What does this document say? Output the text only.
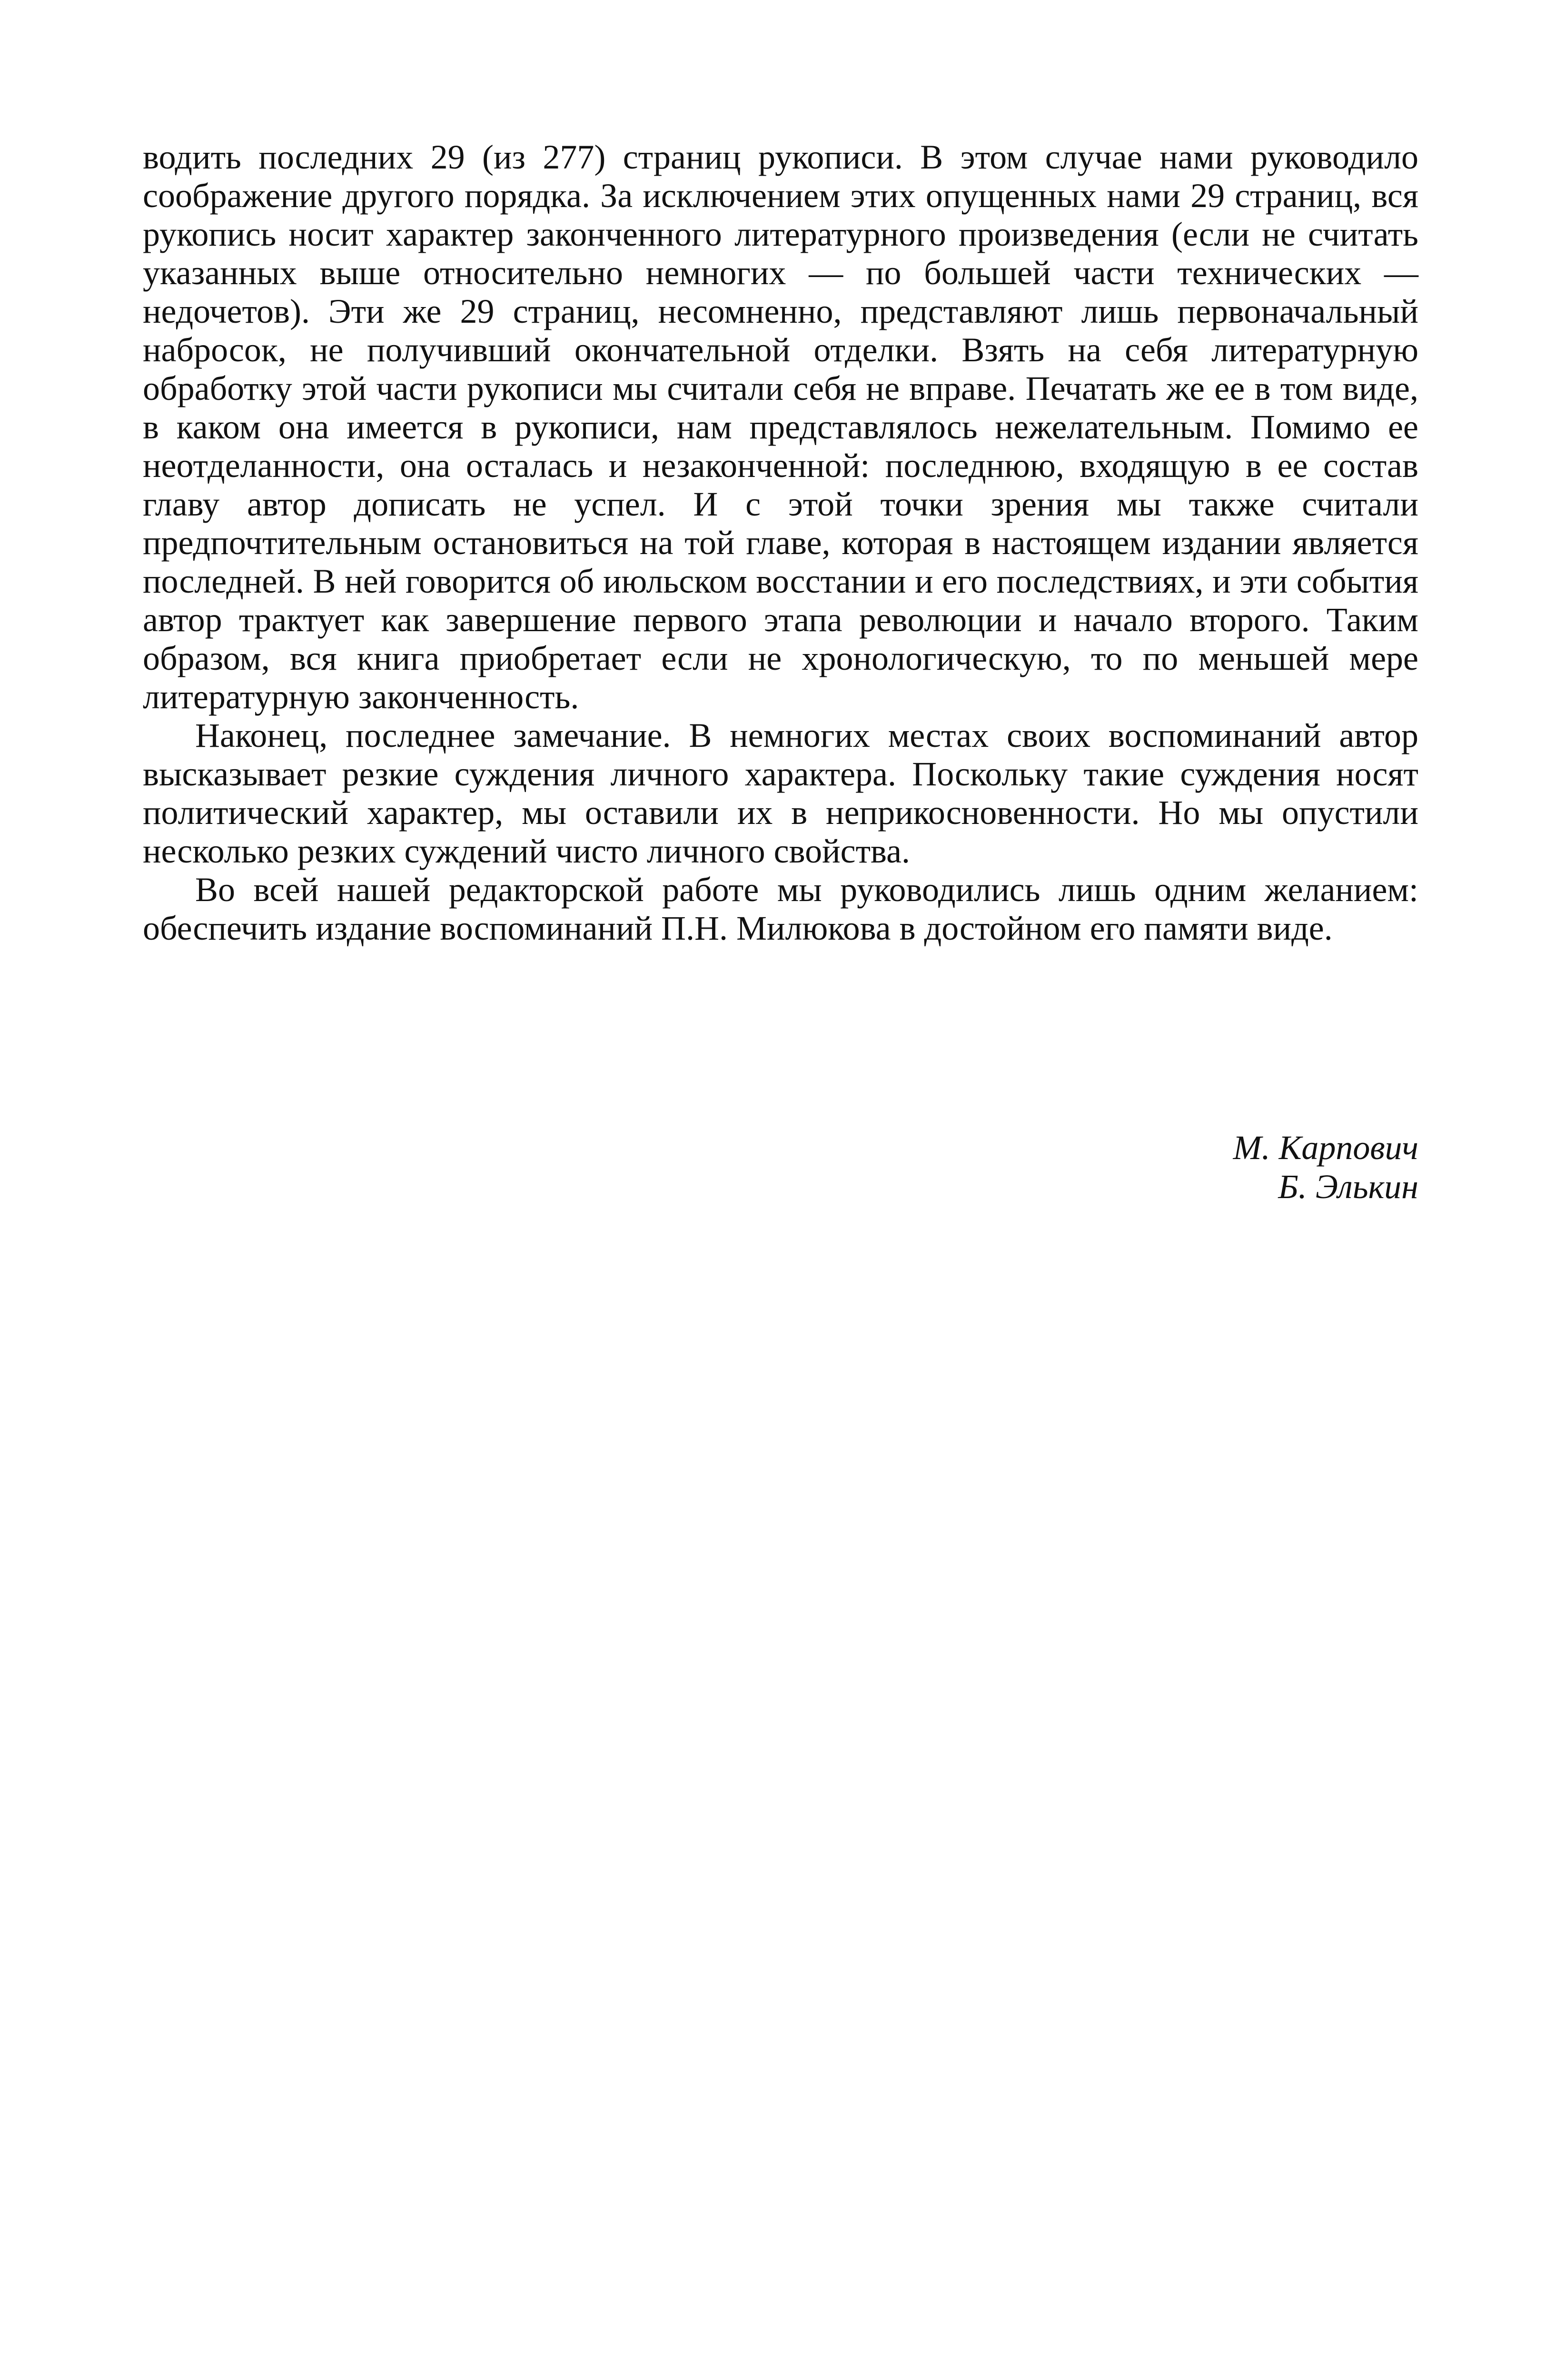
водить последних 29 (из 277) страниц рукописи. В этом случае нами руководило соображение другого порядка. За исключением этих опущенных нами 29 страниц, вся рукопись носит характер законченного литературного произведения (если не считать указанных выше относительно немногих — по большей части технических — недочетов). Эти же 29 страниц, несомненно, представляют лишь первоначальный набросок, не получивший окончательной отделки. Взять на себя литературную обработку этой части рукописи мы считали себя не вправе. Печатать же ее в том виде, в каком она имеется в рукописи, нам представлялось нежелательным. Помимо ее неотделанности, она осталась и незаконченной: последнюю, входящую в ее состав главу автор дописать не успел. И с этой точки зрения мы также считали предпочтительным остановиться на той главе, которая в настоящем издании является последней. В ней говорится об июльском восстании и его последствиях, и эти события автор трактует как завершение первого этапа революции и начало второго. Таким образом, вся книга приобретает если не хронологическую, то по меньшей мере литературную законченность.

Наконец, последнее замечание. В немногих местах своих воспоминаний автор высказывает резкие суждения личного характера. Поскольку такие суждения носят политический характер, мы оставили их в неприкосновенности. Но мы опустили несколько резких суждений чисто личного свойства.

Во всей нашей редакторской работе мы руководились лишь одним желанием: обеспечить издание воспоминаний П.Н. Милюкова в достойном его памяти виде.

М. Карпович
Б. Элькин
